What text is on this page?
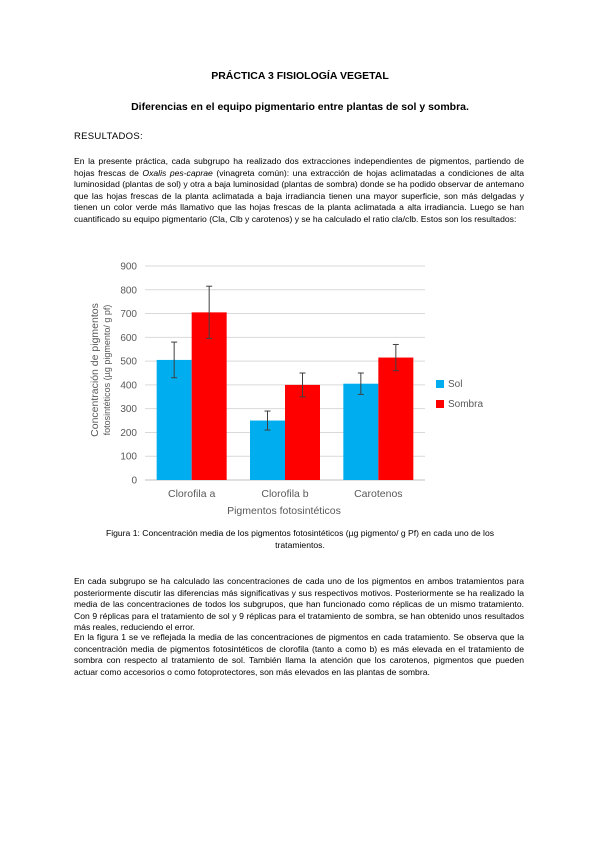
PRÁCTICA 3 FISIOLOGÍA VEGETAL
Diferencias en el equipo pigmentario entre plantas de sol y sombra.
RESULTADOS:
En la presente práctica, cada subgrupo ha realizado dos extracciones independientes de pigmentos, partiendo de hojas frescas de Oxalis pes-caprae (vinagreta común): una extracción de hojas aclimatadas a condiciones de alta luminosidad (plantas de sol) y otra a baja luminosidad (plantas de sombra) donde se ha podido observar de antemano que las hojas frescas de la planta aclimatada a baja irradiancia tienen una mayor superficie, son más delgadas y tienen un color verde más llamativo que las hojas frescas de la planta aclimatada a alta irradiancia. Luego se han cuantificado su equipo pigmentario (Cla, Clb y carotenos) y se ha calculado el ratio cla/clb. Estos son los resultados:
0
100
200
300
400
500
600
700
800
900
Clorofila a	Clorofila b	Carotenos
Concentración de pigmentos fotosintéticos (µg pigmento/ g pf)
Pigmentos fotosintéticos
Sol
Sombra
Figura 1: Concentración media de los pigmentos fotosintéticos (µg pigmento/ g Pf) en cada uno de los tratamientos.
En cada subgrupo se ha calculado las concentraciones de cada uno de los pigmentos en ambos tratamientos para posteriormente discutir las diferencias más significativas y sus respectivos motivos. Posteriormente se ha realizado la media de las concentraciones de todos los subgrupos, que han funcionado como réplicas de un mismo tratamiento. Con 9 réplicas para el tratamiento de sol y 9 réplicas para el tratamiento de sombra, se han obtenido unos resultados más reales, reduciendo el error.
En la figura 1 se ve reflejada la media de las concentraciones de pigmentos en cada tratamiento. Se observa que la concentración media de pigmentos fotosintéticos de clorofila (tanto a como b) es más elevada en el tratamiento de sombra con respecto al tratamiento de sol. También llama la atención que los carotenos, pigmentos que pueden actuar como accesorios o como fotoprotectores, son más elevados en las plantas de sombra.
